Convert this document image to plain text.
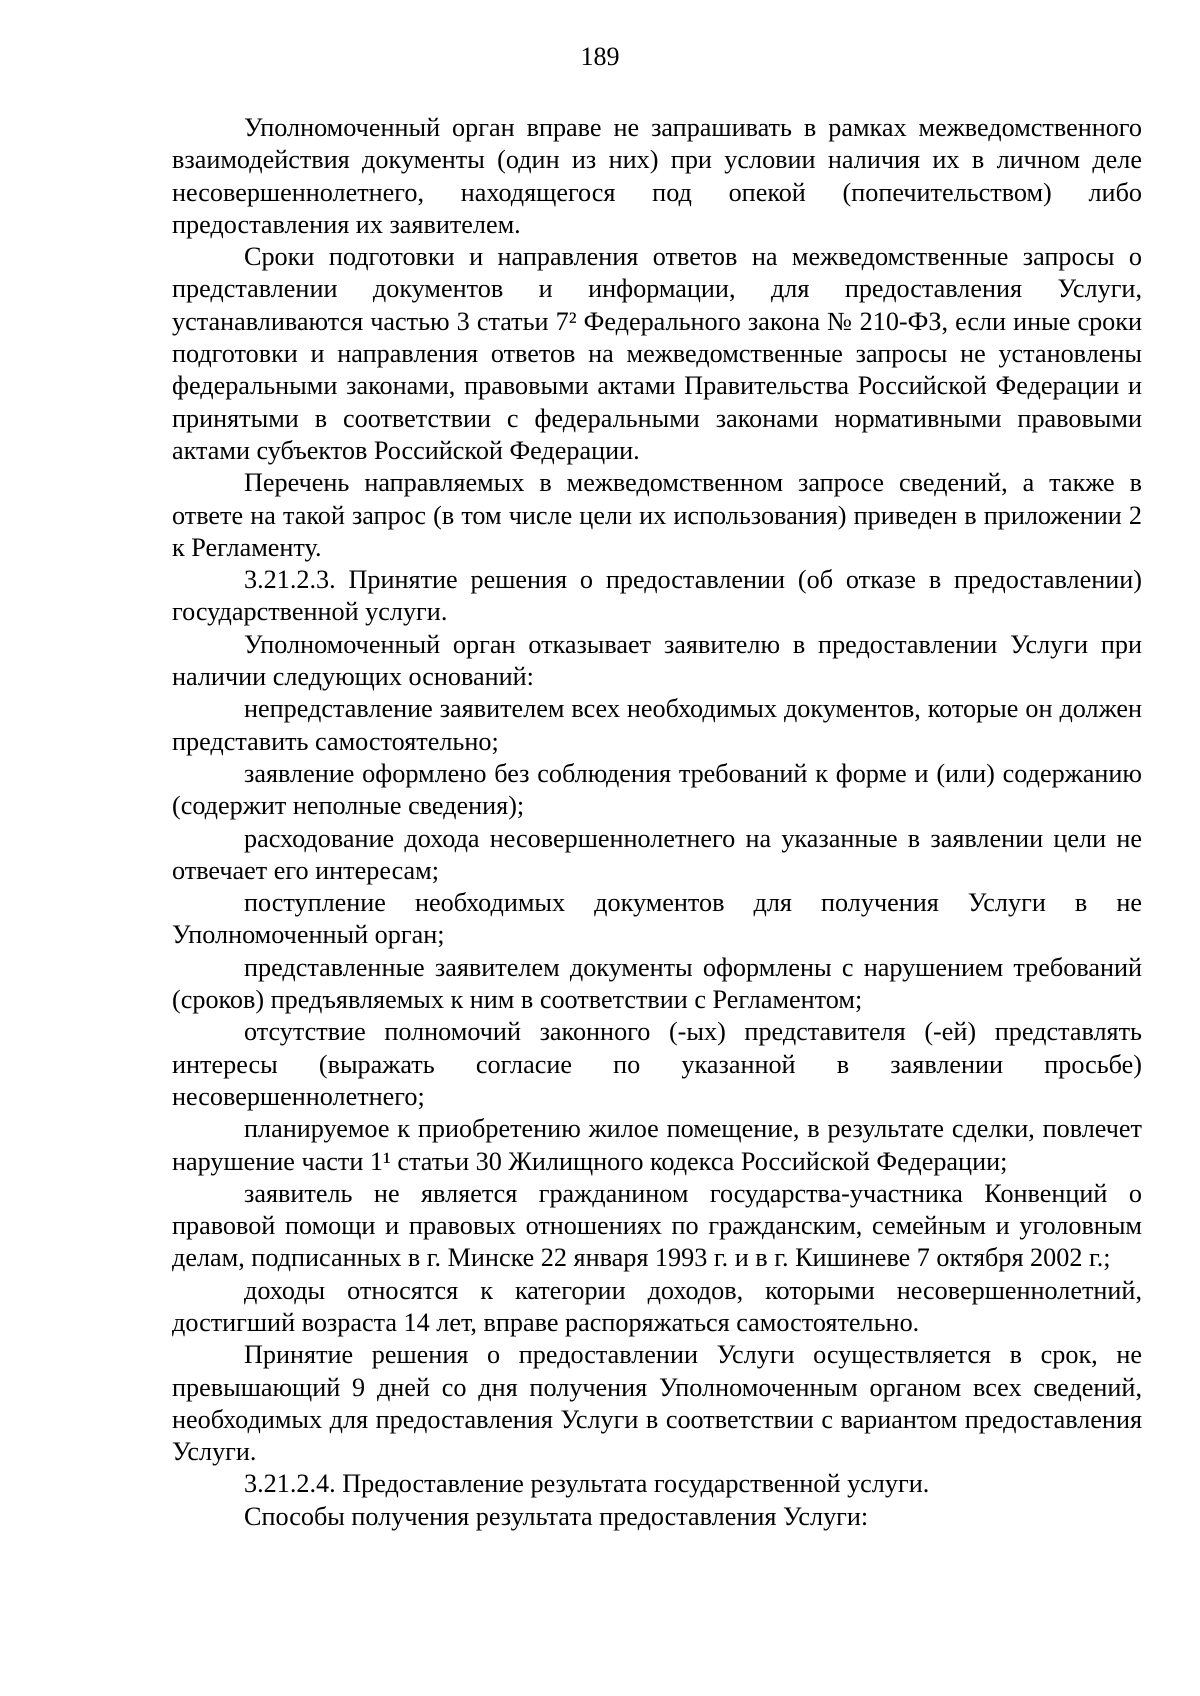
189

Уполномоченный орган вправе не запрашивать в рамках межведомственного взаимодействия документы (один из них) при условии наличия их в личном деле несовершеннолетнего, находящегося под опекой (попечительством) либо предоставления их заявителем.

Сроки подготовки и направления ответов на межведомственные запросы о представлении документов и информации, для предоставления Услуги, устанавливаются частью 3 статьи 7² Федерального закона № 210-ФЗ, если иные сроки подготовки и направления ответов на межведомственные запросы не установлены федеральными законами, правовыми актами Правительства Российской Федерации и принятыми в соответствии с федеральными законами нормативными правовыми актами субъектов Российской Федерации.

Перечень направляемых в межведомственном запросе сведений, а также в ответе на такой запрос (в том числе цели их использования) приведен в приложении 2 к Регламенту.

3.21.2.3. Принятие решения о предоставлении (об отказе в предоставлении) государственной услуги.

Уполномоченный орган отказывает заявителю в предоставлении Услуги при наличии следующих оснований:

непредставление заявителем всех необходимых документов, которые он должен представить самостоятельно;

заявление оформлено без соблюдения требований к форме и (или) содержанию (содержит неполные сведения);

расходование дохода несовершеннолетнего на указанные в заявлении цели не отвечает его интересам;

поступление необходимых документов для получения Услуги в не Уполномоченный орган;

представленные заявителем документы оформлены с нарушением требований (сроков) предъявляемых к ним в соответствии с Регламентом;

отсутствие полномочий законного (-ых) представителя (-ей) представлять интересы (выражать согласие по указанной в заявлении просьбе) несовершеннолетнего;

планируемое к приобретению жилое помещение, в результате сделки, повлечет нарушение части 1¹ статьи 30 Жилищного кодекса Российской Федерации;

заявитель не является гражданином государства-участника Конвенций о правовой помощи и правовых отношениях по гражданским, семейным и уголовным делам, подписанных в г. Минске 22 января 1993 г. и в г. Кишиневе 7 октября 2002 г.;

доходы относятся к категории доходов, которыми несовершеннолетний, достигший возраста 14 лет, вправе распоряжаться самостоятельно.

Принятие решения о предоставлении Услуги осуществляется в срок, не превышающий 9 дней со дня получения Уполномоченным органом всех сведений, необходимых для предоставления Услуги в соответствии с вариантом предоставления Услуги.

3.21.2.4. Предоставление результата государственной услуги.

Способы получения результата предоставления Услуги:
